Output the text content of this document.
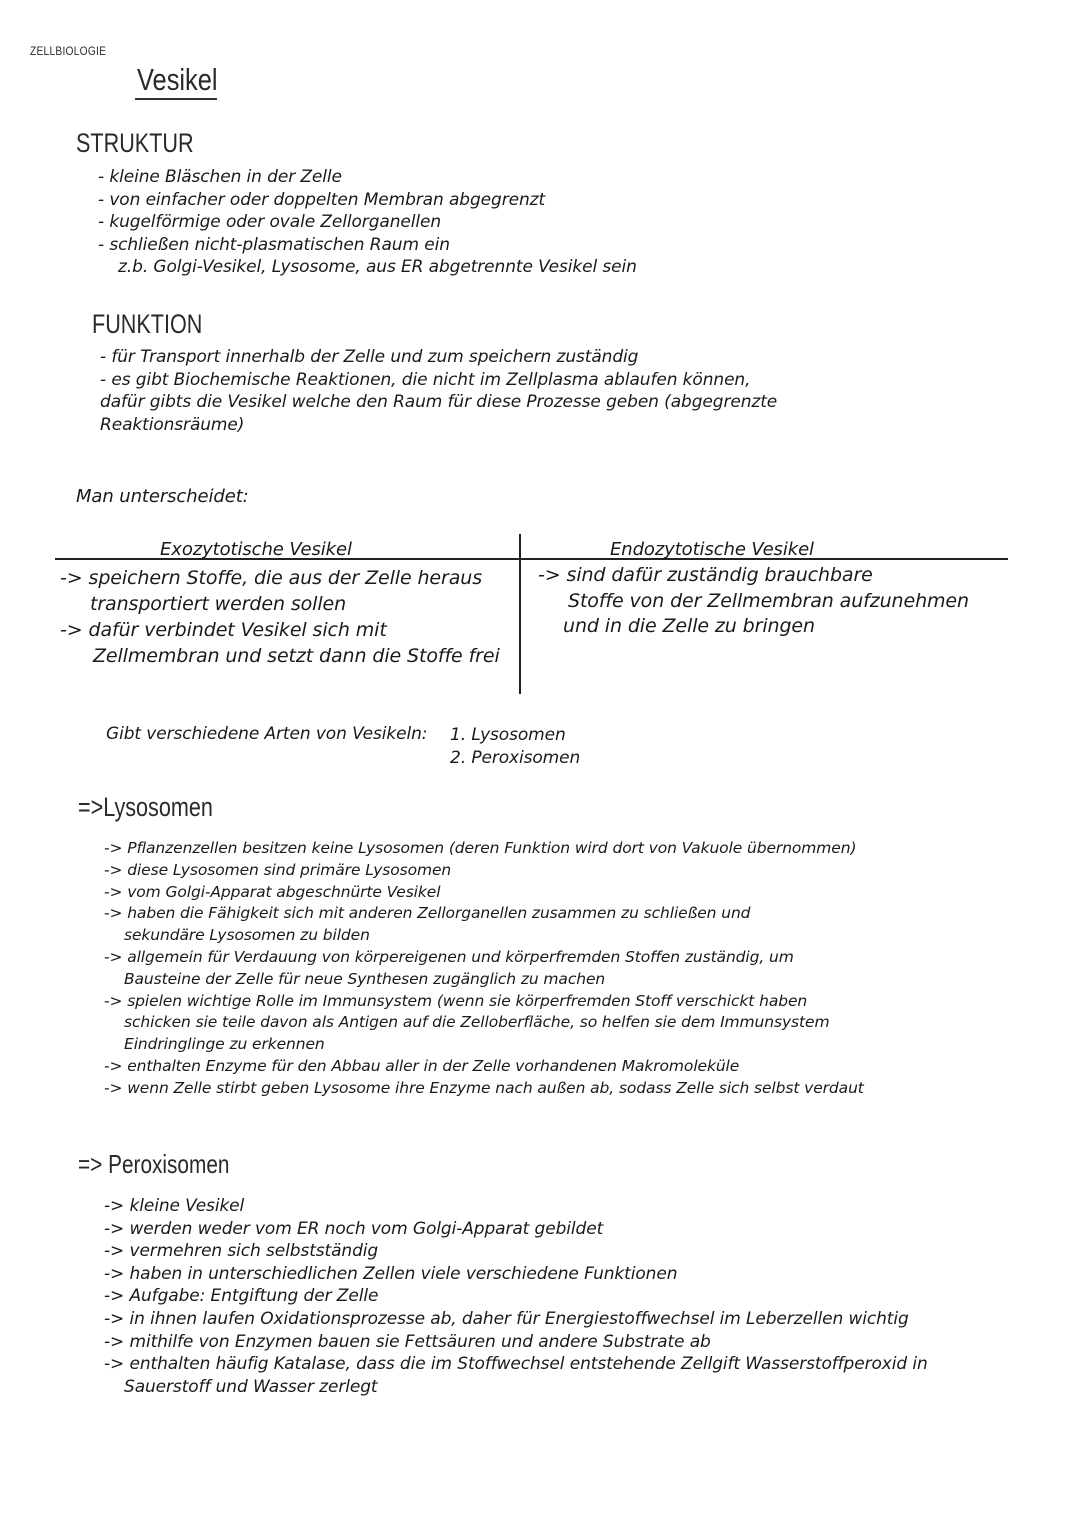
ZELLBIOLOGIE
Vesikel
STRUKTUR
- kleine Bläschen in der Zelle
- von einfacher oder doppelten Membran abgegrenzt
- kugelförmige oder ovale Zellorganellen
- schließen nicht-plasmatischen Raum ein
z.b. Golgi-Vesikel, Lysosome, aus ER abgetrennte Vesikel sein
FUNKTION
- für Transport innerhalb der Zelle und zum speichern zuständig
- es gibt Biochemische Reaktionen, die nicht im Zellplasma ablaufen können,
dafür gibts die Vesikel welche den Raum für diese Prozesse geben (abgegrenzte
Reaktionsräume)
Man unterscheidet:
Exozytotische Vesikel
-> speichern Stoffe, die aus der Zelle heraus
transportiert werden sollen
-> dafür verbindet Vesikel sich mit
Zellmembran und setzt dann die Stoffe frei
Endozytotische Vesikel
-> sind dafür zuständig brauchbare
Stoffe von der Zellmembran aufzunehmen
und in die Zelle zu bringen
Gibt verschiedene Arten von Vesikeln: 1. Lysosomen
2. Peroxisomen
=>Lysosomen
-> Pflanzenzellen besitzen keine Lysosomen (deren Funktion wird dort von Vakuole übernommen)
-> diese Lysosomen sind primäre Lysosomen
-> vom Golgi-Apparat abgeschnürte Vesikel
-> haben die Fähigkeit sich mit anderen Zellorganellen zusammen zu schließen und
sekundäre Lysosomen zu bilden
-> allgemein für Verdauung von körpereigenen und körperfremden Stoffen zuständig, um
Bausteine der Zelle für neue Synthesen zugänglich zu machen
-> spielen wichtige Rolle im Immunsystem (wenn sie körperfremden Stoff verschickt haben
schicken sie teile davon als Antigen auf die Zelloberfläche, so helfen sie dem Immunsystem
Eindringlinge zu erkennen
-> enthalten Enzyme für den Abbau aller in der Zelle vorhandenen Makromoleküle
-> wenn Zelle stirbt geben Lysosome ihre Enzyme nach außen ab, sodass Zelle sich selbst verdaut
=> Peroxisomen
-> kleine Vesikel
-> werden weder vom ER noch vom Golgi-Apparat gebildet
-> vermehren sich selbstständig
-> haben in unterschiedlichen Zellen viele verschiedene Funktionen
-> Aufgabe: Entgiftung der Zelle
-> in ihnen laufen Oxidationsprozesse ab, daher für Energiestoffwechsel im Leberzellen wichtig
-> mithilfe von Enzymen bauen sie Fettsäuren und andere Substrate ab
-> enthalten häufig Katalase, dass die im Stoffwechsel entstehende Zellgift Wasserstoffperoxid in
Sauerstoff und Wasser zerlegt
